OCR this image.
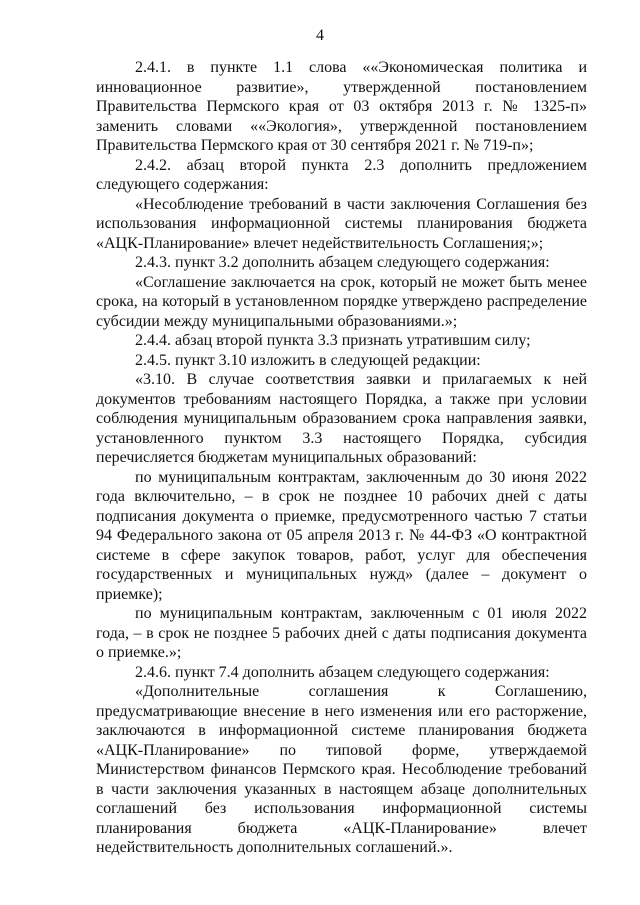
4

2.4.1. в пункте 1.1 слова ««Экономическая политика и инновационное развитие», утвержденной постановлением Правительства Пермского края от 03 октября 2013 г. № 1325-п» заменить словами ««Экология», утвержденной постановлением Правительства Пермского края от 30 сентября 2021 г. № 719-п»;

2.4.2. абзац второй пункта 2.3 дополнить предложением следующего содержания:

«Несоблюдение требований в части заключения Соглашения без использования информационной системы планирования бюджета «АЦК-Планирование» влечет недействительность Соглашения;»;

2.4.3. пункт 3.2 дополнить абзацем следующего содержания:

«Соглашение заключается на срок, который не может быть менее срока, на который в установленном порядке утверждено распределение субсидии между муниципальными образованиями.»;

2.4.4. абзац второй пункта 3.3 признать утратившим силу;

2.4.5. пункт 3.10 изложить в следующей редакции:

«3.10. В случае соответствия заявки и прилагаемых к ней документов требованиям настоящего Порядка, а также при условии соблюдения муниципальным образованием срока направления заявки, установленного пунктом 3.3 настоящего Порядка, субсидия перечисляется бюджетам муниципальных образований:

по муниципальным контрактам, заключенным до 30 июня 2022 года включительно, – в срок не позднее 10 рабочих дней с даты подписания документа о приемке, предусмотренного частью 7 статьи 94 Федерального закона от 05 апреля 2013 г. № 44-ФЗ «О контрактной системе в сфере закупок товаров, работ, услуг для обеспечения государственных и муниципальных нужд» (далее – документ о приемке);

по муниципальным контрактам, заключенным с 01 июля 2022 года, – в срок не позднее 5 рабочих дней с даты подписания документа о приемке.»;

2.4.6. пункт 7.4 дополнить абзацем следующего содержания:

«Дополнительные соглашения к Соглашению, предусматривающие внесение в него изменения или его расторжение, заключаются в информационной системе планирования бюджета «АЦК-Планирование» по типовой форме, утверждаемой Министерством финансов Пермского края. Несоблюдение требований в части заключения указанных в настоящем абзаце дополнительных соглашений без использования информационной системы планирования бюджета «АЦК-Планирование» влечет недействительность дополнительных соглашений.».
